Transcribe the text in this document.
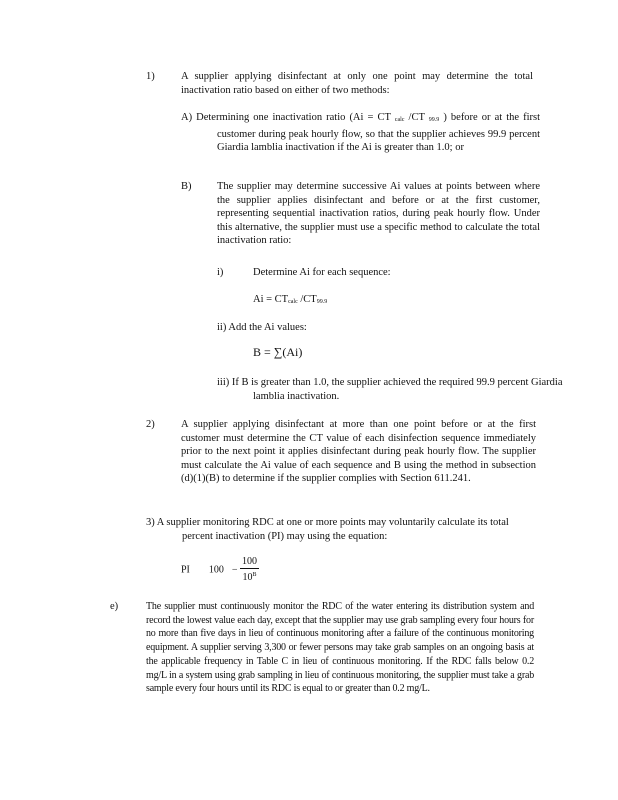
1)	A supplier applying disinfectant at only one point may determine the total inactivation ratio based on either of two methods:
A) Determining one inactivation ratio (Ai = CT calc /CT 99.9 ) before or at the first customer during peak hourly flow, so that the supplier achieves 99.9 percent Giardia lamblia inactivation if the Ai is greater than 1.0; or
B) The supplier may determine successive Ai values at points between where the supplier applies disinfectant and before or at the first customer, representing sequential inactivation ratios, during peak hourly flow. Under this alternative, the supplier must use a specific method to calculate the total inactivation ratio:
i)	Determine Ai for each sequence:
Ai = CTcalc /CT99.9
ii) Add the Ai values:
B = ∑(Ai)
iii) If B is greater than 1.0, the supplier achieved the required 99.9 percent Giardia lamblia inactivation.
2)	A supplier applying disinfectant at more than one point before or at the first customer must determine the CT value of each disinfection sequence immediately prior to the next point it applies disinfectant during peak hourly flow. The supplier must calculate the Ai value of each sequence and B using the method in subsection (d)(1)(B) to determine if the supplier complies with Section 611.241.
3) A supplier monitoring RDC at one or more points may voluntarily calculate its total percent inactivation (PI) may using the equation:
PI $100 - \frac{100}{10^B}$
e)	The supplier must continuously monitor the RDC of the water entering its distribution system and record the lowest value each day, except that the supplier may use grab sampling every four hours for no more than five days in lieu of continuous monitoring after a failure of the continuous monitoring equipment. A supplier serving 3,300 or fewer persons may take grab samples on an ongoing basis at the applicable frequency in Table C in lieu of continuous monitoring. If the RDC falls below 0.2 mg/L in a system using grab sampling in lieu of continuous monitoring, the supplier must take a grab sample every four hours until its RDC is equal to or greater than 0.2 mg/L.
